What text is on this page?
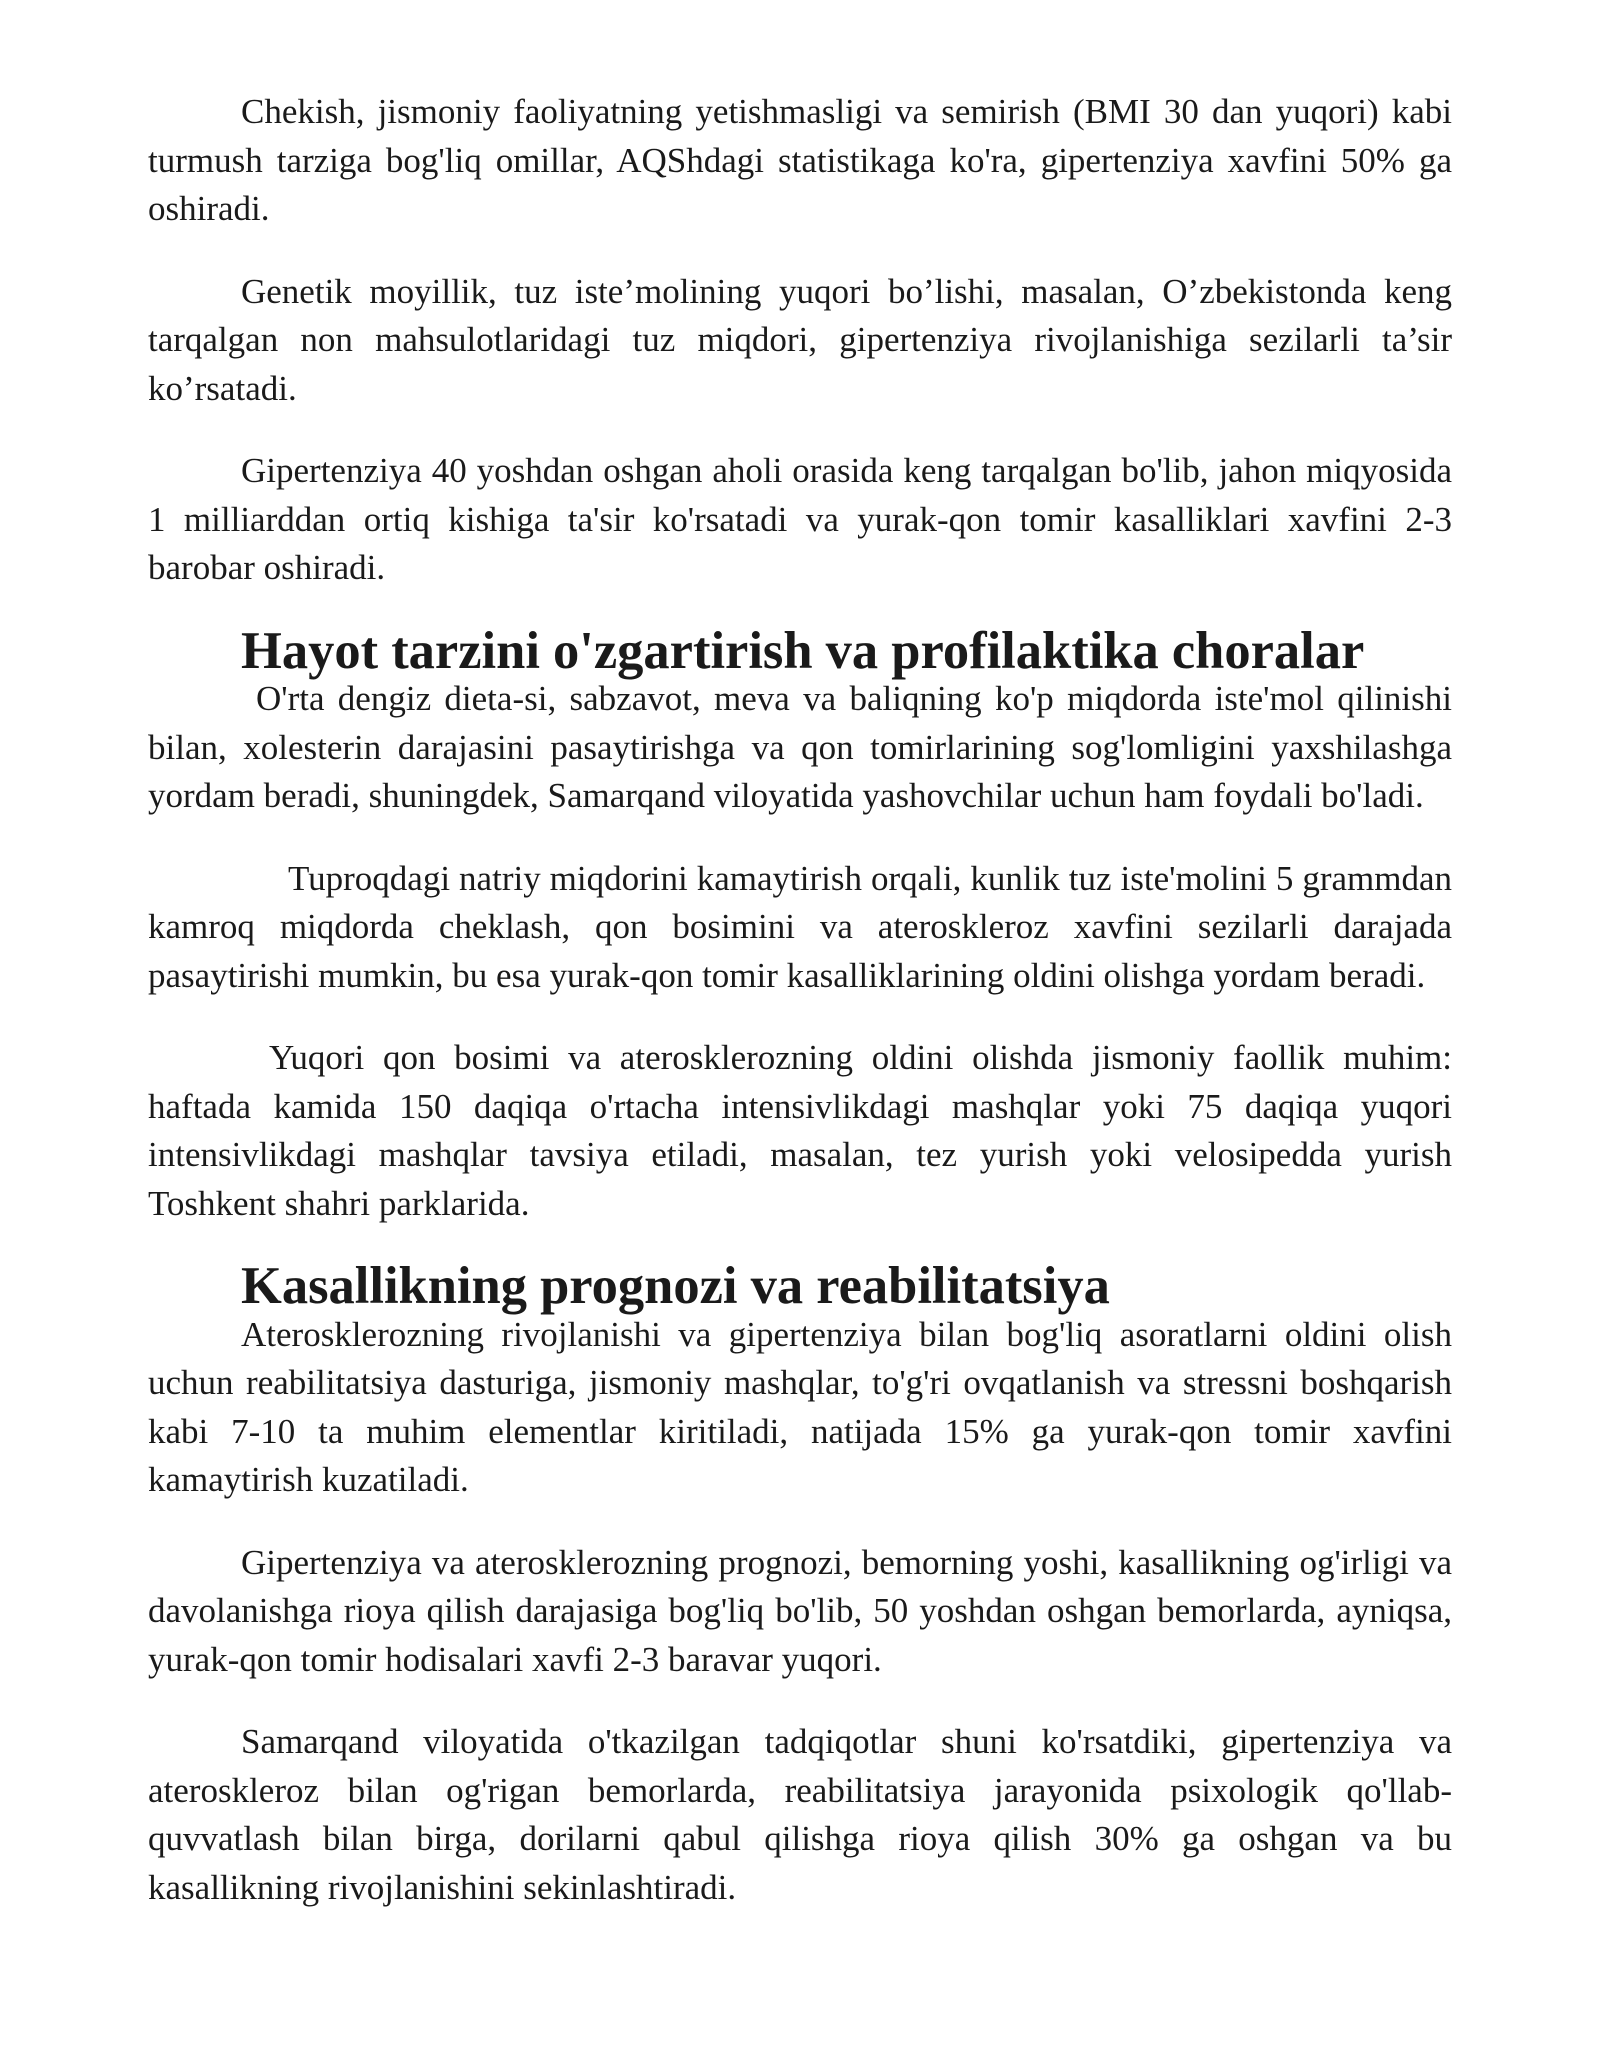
Chekish, jismoniy faoliyatning yetishmasligi va semirish (BMI 30 dan yuqori) kabi turmush tarziga bog'liq omillar, AQShdagi statistikaga ko'ra, gipertenziya xavfini 50% ga oshiradi.

Genetik moyillik, tuz iste’molining yuqori bo’lishi, masalan, O’zbekistonda keng tarqalgan non mahsulotlaridagi tuz miqdori, gipertenziya rivojlanishiga sezilarli ta’sir ko’rsatadi.

Gipertenziya 40 yoshdan oshgan aholi orasida keng tarqalgan bo'lib, jahon miqyosida 1 milliarddan ortiq kishiga ta'sir ko'rsatadi va yurak-qon tomir kasalliklari xavfini 2-3 barobar oshiradi.

Hayot tarzini o'zgartirish va profilaktika choralar

O'rta dengiz dieta-si, sabzavot, meva va baliqning ko'p miqdorda iste'mol qilinishi bilan, xolesterin darajasini pasaytirishga va qon tomirlarining sog'lomligini yaxshilashga yordam beradi, shuningdek, Samarqand viloyatida yashovchilar uchun ham foydali bo'ladi.

Tuproqdagi natriy miqdorini kamaytirish orqali, kunlik tuz iste'molini 5 grammdan kamroq miqdorda cheklash, qon bosimini va ateroskleroz xavfini sezilarli darajada pasaytirishi mumkin, bu esa yurak-qon tomir kasalliklarining oldini olishga yordam beradi.

Yuqori qon bosimi va aterosklerozning oldini olishda jismoniy faollik muhim: haftada kamida 150 daqiqa o'rtacha intensivlikdagi mashqlar yoki 75 daqiqa yuqori intensivlikdagi mashqlar tavsiya etiladi, masalan, tez yurish yoki velosipedda yurish Toshkent shahri parklarida.

Kasallikning prognozi va reabilitatsiya

Aterosklerozning rivojlanishi va gipertenziya bilan bog'liq asoratlarni oldini olish uchun reabilitatsiya dasturiga, jismoniy mashqlar, to'g'ri ovqatlanish va stressni boshqarish kabi 7-10 ta muhim elementlar kiritiladi, natijada 15% ga yurak-qon tomir xavfini kamaytirish kuzatiladi.

Gipertenziya va aterosklerozning prognozi, bemorning yoshi, kasallikning og'irligi va davolanishga rioya qilish darajasiga bog'liq bo'lib, 50 yoshdan oshgan bemorlarda, ayniqsa, yurak-qon tomir hodisalari xavfi 2-3 baravar yuqori.

Samarqand viloyatida o'tkazilgan tadqiqotlar shuni ko'rsatdiki, gipertenziya va ateroskleroz bilan og'rigan bemorlarda, reabilitatsiya jarayonida psixologik qo'llab-quvvatlash bilan birga, dorilarni qabul qilishga rioya qilish 30% ga oshgan va bu kasallikning rivojlanishini sekinlashtiradi.
